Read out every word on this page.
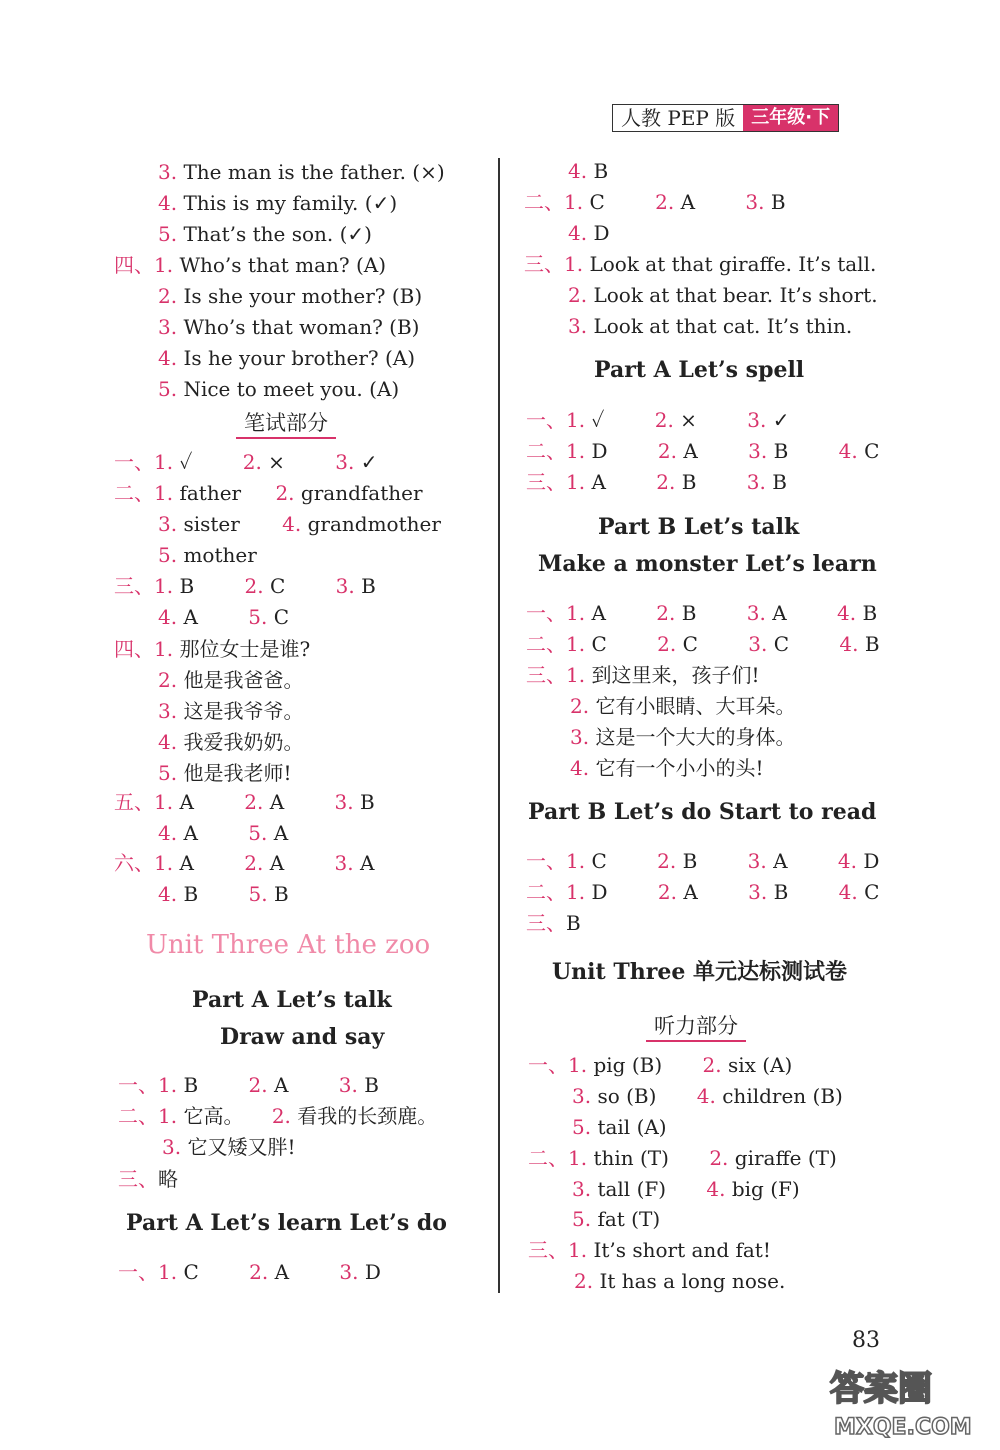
人教 PEP 版 三年级·下
3. The man is the father. (×)
4. This is my family. (✓)
5. That’s the son. (✓)
四、1. Who’s that man? (A)
2. Is she your mother? (B)
3. Who’s that woman? (B)
4. Is he your brother? (A)
5. Nice to meet you. (A)
笔试部分
一、1. ✓	2. ×	3. ✓
二、1. father 2. grandfather
3. sister 4. grandmother
5. mother
三、1. B	2. C	3. B
4. A	5. C
四、1. 那位女士是谁?
2. 他是我爸爸。
3. 这是我爷爷。
4. 我爱我奶奶。
5. 他是我老师!
五、1. A	2. A	3. B
4. A	5. A
六、1. A	2. A	3. A
4. B	5. B
Unit Three At the zoo
Part A Let’s talk
Draw and say
一、1. B	2. A	3. B
二、1. 它高。 2. 看我的长颈鹿。
3. 它又矮又胖!
三、略
Part A Let’s learn Let’s do
一、1. C	2. A	3. D
4. B
二、1. C	2. A	3. B
4. D
三、1. Look at that giraffe. It’s tall.
2. Look at that bear. It’s short.
3. Look at that cat. It’s thin.
Part A Let’s spell
一、1. ✓	2. ×	3. ✓
二、1. D	2. A	3. B	4. C
三、1. A	2. B	3. B
Part B Let’s talk
Make a monster Let’s learn
一、1. A	2. B	3. A	4. B
二、1. C	2. C	3. C	4. B
三、1. 到这里来，孩子们!
2. 它有小眼睛、大耳朵。
3. 这是一个大大的身体。
4. 它有一个小小的头!
Part B Let’s do Start to read
一、1. C	2. B	3. A	4. D
二、1. D	2. A	3. B	4. C
三、B
Unit Three 单元达标测试卷
听力部分
一、1. pig (B) 2. six (A)
3. so (B) 4. children (B)
5. tail (A)
二、1. thin (T) 2. giraffe (T)
3. tall (F) 4. big (F)
5. fat (T)
三、1. It’s short and fat!
2. It has a long nose.
83
答案圈
MXQE.COM
